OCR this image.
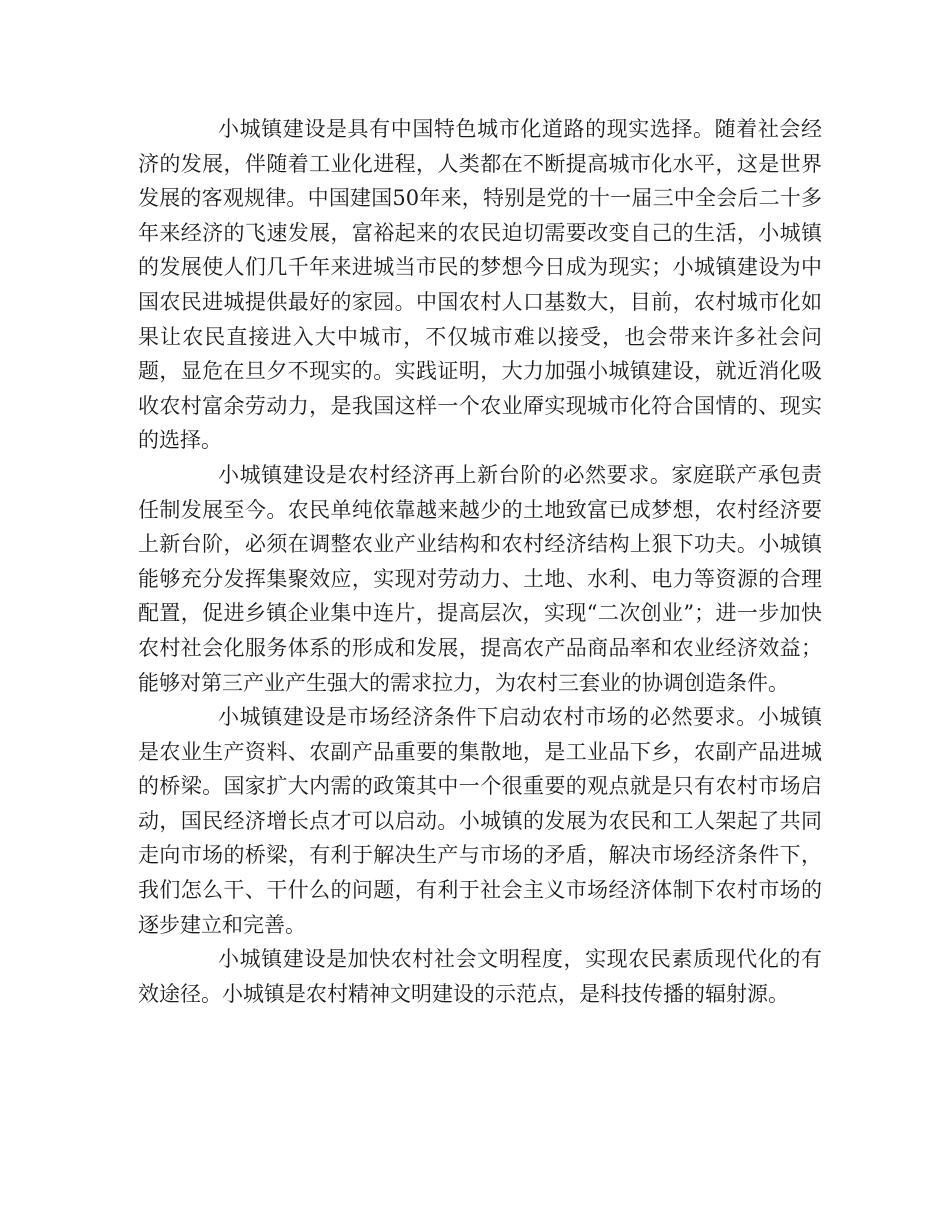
小城镇建设是具有中国特色城市化道路的现实选择。随着社会经济的发展，伴随着工业化进程，人类都在不断提高城市化水平，这是世界发展的客观规律。中国建国50年来，特别是党的十一届三中全会后二十多年来经济的飞速发展，富裕起来的农民迫切需要改变自己的生活，小城镇的发展使人们几千年来进城当市民的梦想今日成为现实；小城镇建设为中国农民进城提供最好的家园。中国农村人口基数大，目前，农村城市化如果让农民直接进入大中城市，不仅城市难以接受，也会带来许多社会问题，显危在旦夕不现实的。实践证明，大力加强小城镇建设，就近消化吸收农村富余劳动力，是我国这样一个农业厣实现城市化符合国情的、现实的选择。

小城镇建设是农村经济再上新台阶的必然要求。家庭联产承包责任制发展至今。农民单纯依靠越来越少的土地致富已成梦想，农村经济要上新台阶，必须在调整农业产业结构和农村经济结构上狠下功夫。小城镇能够充分发挥集聚效应，实现对劳动力、土地、水利、电力等资源的合理配置，促进乡镇企业集中连片，提高层次，实现“二次创业”；进一步加快农村社会化服务体系的形成和发展，提高农产品商品率和农业经济效益；能够对第三产业产生强大的需求拉力，为农村三套业的协调创造条件。

小城镇建设是市场经济条件下启动农村市场的必然要求。小城镇是农业生产资料、农副产品重要的集散地，是工业品下乡，农副产品进城的桥梁。国家扩大内需的政策其中一个很重要的观点就是只有农村市场启动，国民经济增长点才可以启动。小城镇的发展为农民和工人架起了共同走向市场的桥梁，有利于解决生产与市场的矛盾，解决市场经济条件下，我们怎么干、干什么的问题，有利于社会主义市场经济体制下农村市场的逐步建立和完善。

小城镇建设是加快农村社会文明程度，实现农民素质现代化的有效途径。小城镇是农村精神文明建设的示范点，是科技传播的辐射源。
